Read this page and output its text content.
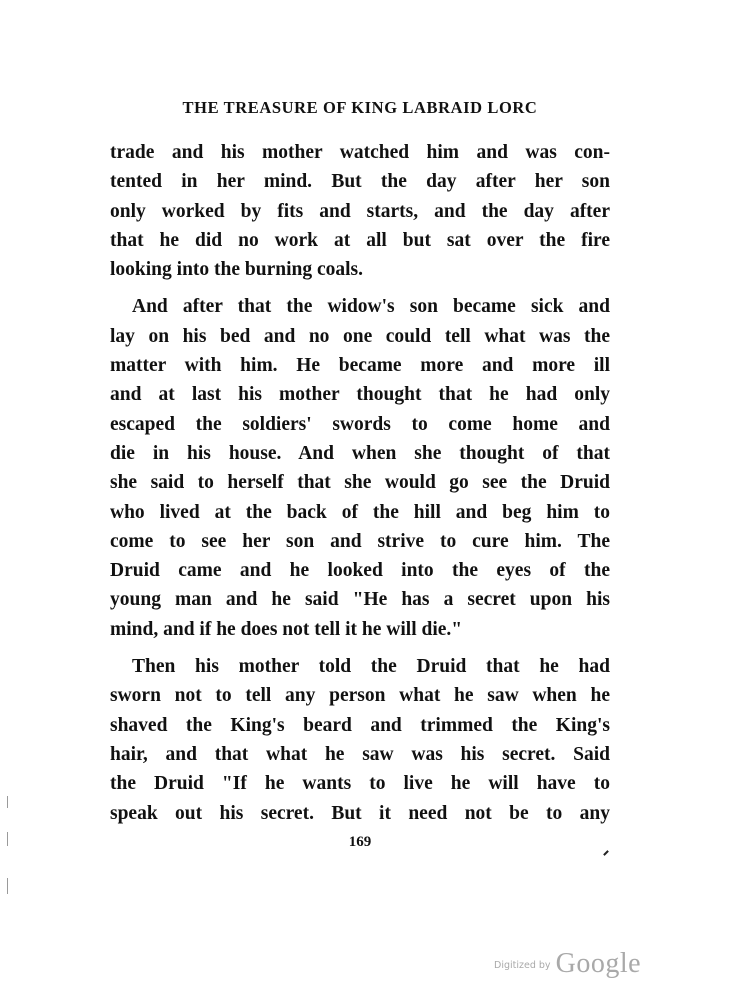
THE TREASURE OF KING LABRAID LORC
trade and his mother watched him and was con-
tented in her mind. But the day after her son
only worked by fits and starts, and the day after
that he did no work at all but sat over the fire
looking into the burning coals.
And after that the widow's son became sick and
lay on his bed and no one could tell what was the
matter with him. He became more and more ill
and at last his mother thought that he had only
escaped the soldiers' swords to come home and
die in his house. And when she thought of that
she said to herself that she would go see the Druid
who lived at the back of the hill and beg him to
come to see her son and strive to cure him. The
Druid came and he looked into the eyes of the
young man and he said "He has a secret upon his
mind, and if he does not tell it he will die."
Then his mother told the Druid that he had
sworn not to tell any person what he saw when he
shaved the King's beard and trimmed the King's
hair, and that what he saw was his secret. Said
the Druid "If he wants to live he will have to
speak out his secret. But it need not be to any
169
$^{Digitized by}$ Google
